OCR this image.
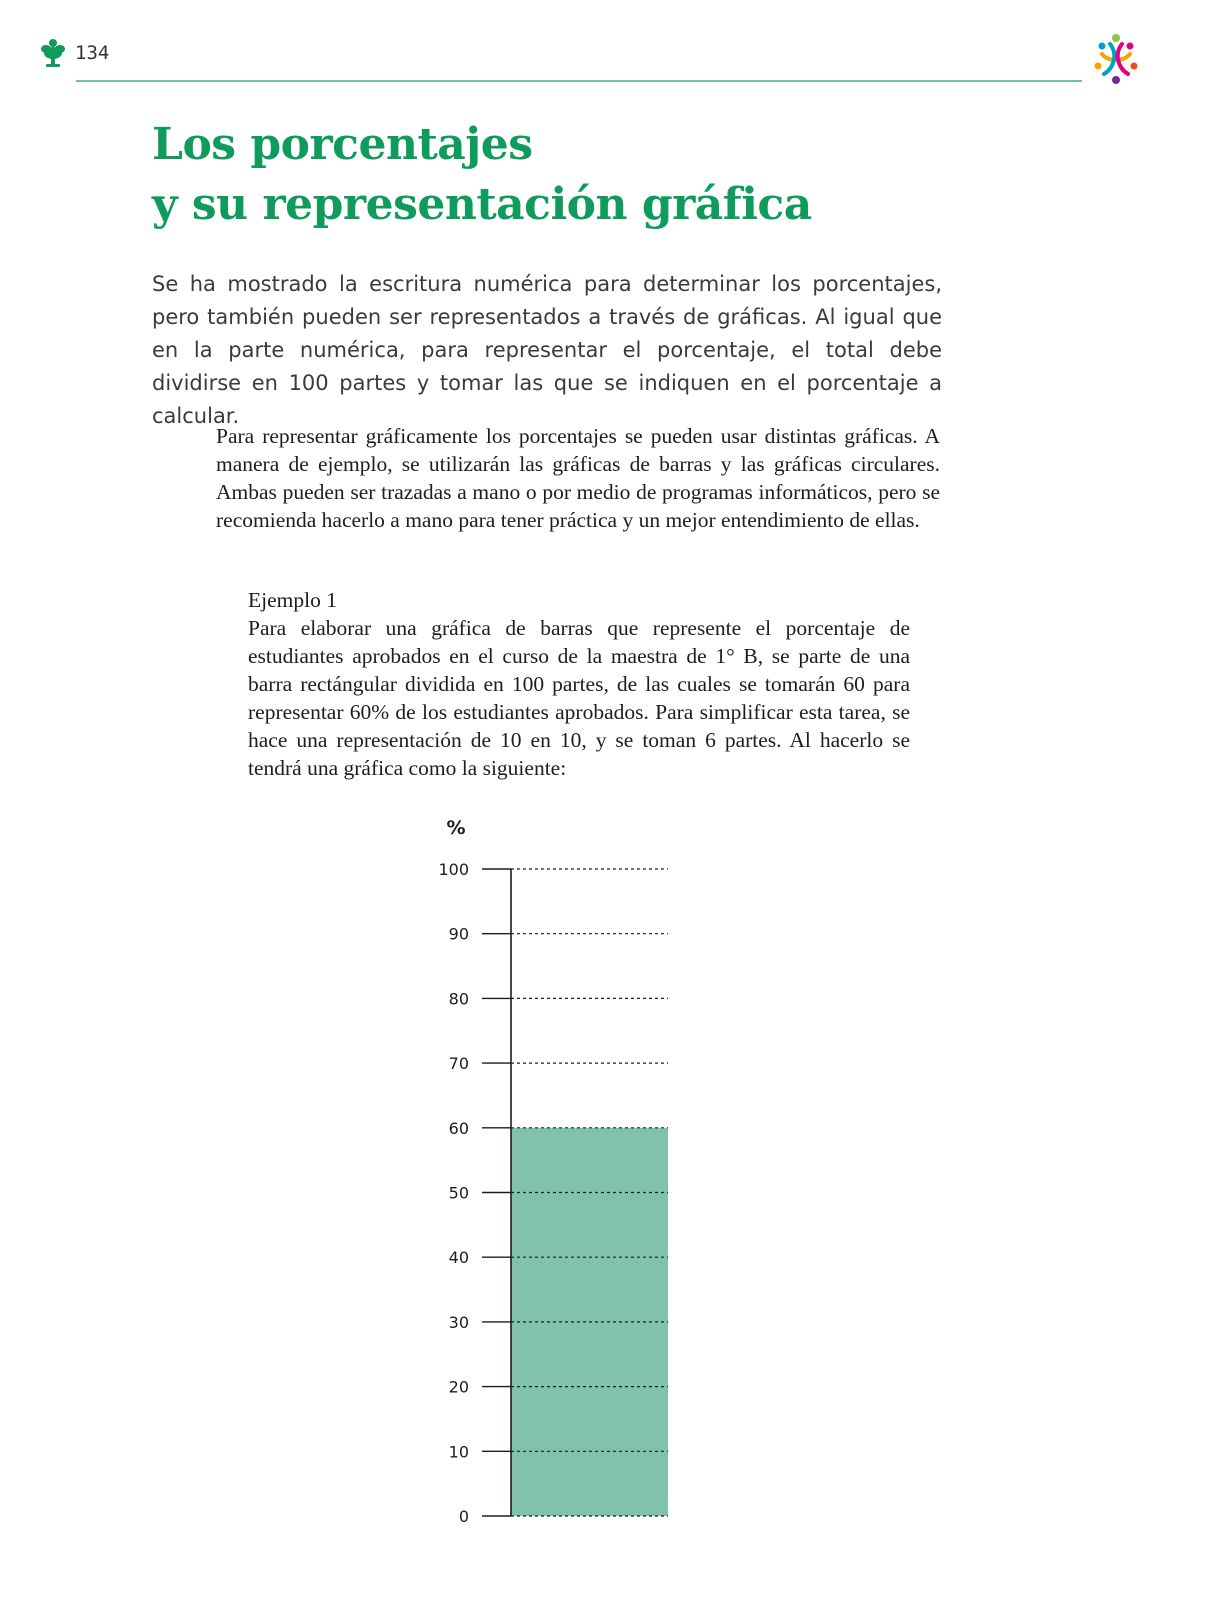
134
Los porcentajes
y su representación gráfica

Se ha mostrado la escritura numérica para determinar los porcentajes, pero también pueden ser representados a través de gráficas. Al igual que en la parte numérica, para representar el porcentaje, el total debe dividirse en 100 partes y tomar las que se indiquen en el porcentaje a calcular.

Para representar gráficamente los porcentajes se pueden usar distintas gráficas. A manera de ejemplo, se utilizarán las gráficas de barras y las gráficas circulares. Ambas pueden ser trazadas a mano o por medio de programas informáticos, pero se recomienda hacerlo a mano para tener práctica y un mejor entendimiento de ellas.

Ejemplo 1

Para elaborar una gráfica de barras que represente el porcentaje de estudiantes aprobados en el curso de la maestra de 1° B, se parte de una barra rectángular dividida en 100 partes, de las cuales se tomarán 60 para representar 60% de los estudiantes aprobados. Para simplificar esta tarea, se hace una representación de 10 en 10, y se toman 6 partes. Al hacerlo se tendrá una gráfica como la siguiente:

0
10
20
30
40
50
60
70
80
90
100
%
